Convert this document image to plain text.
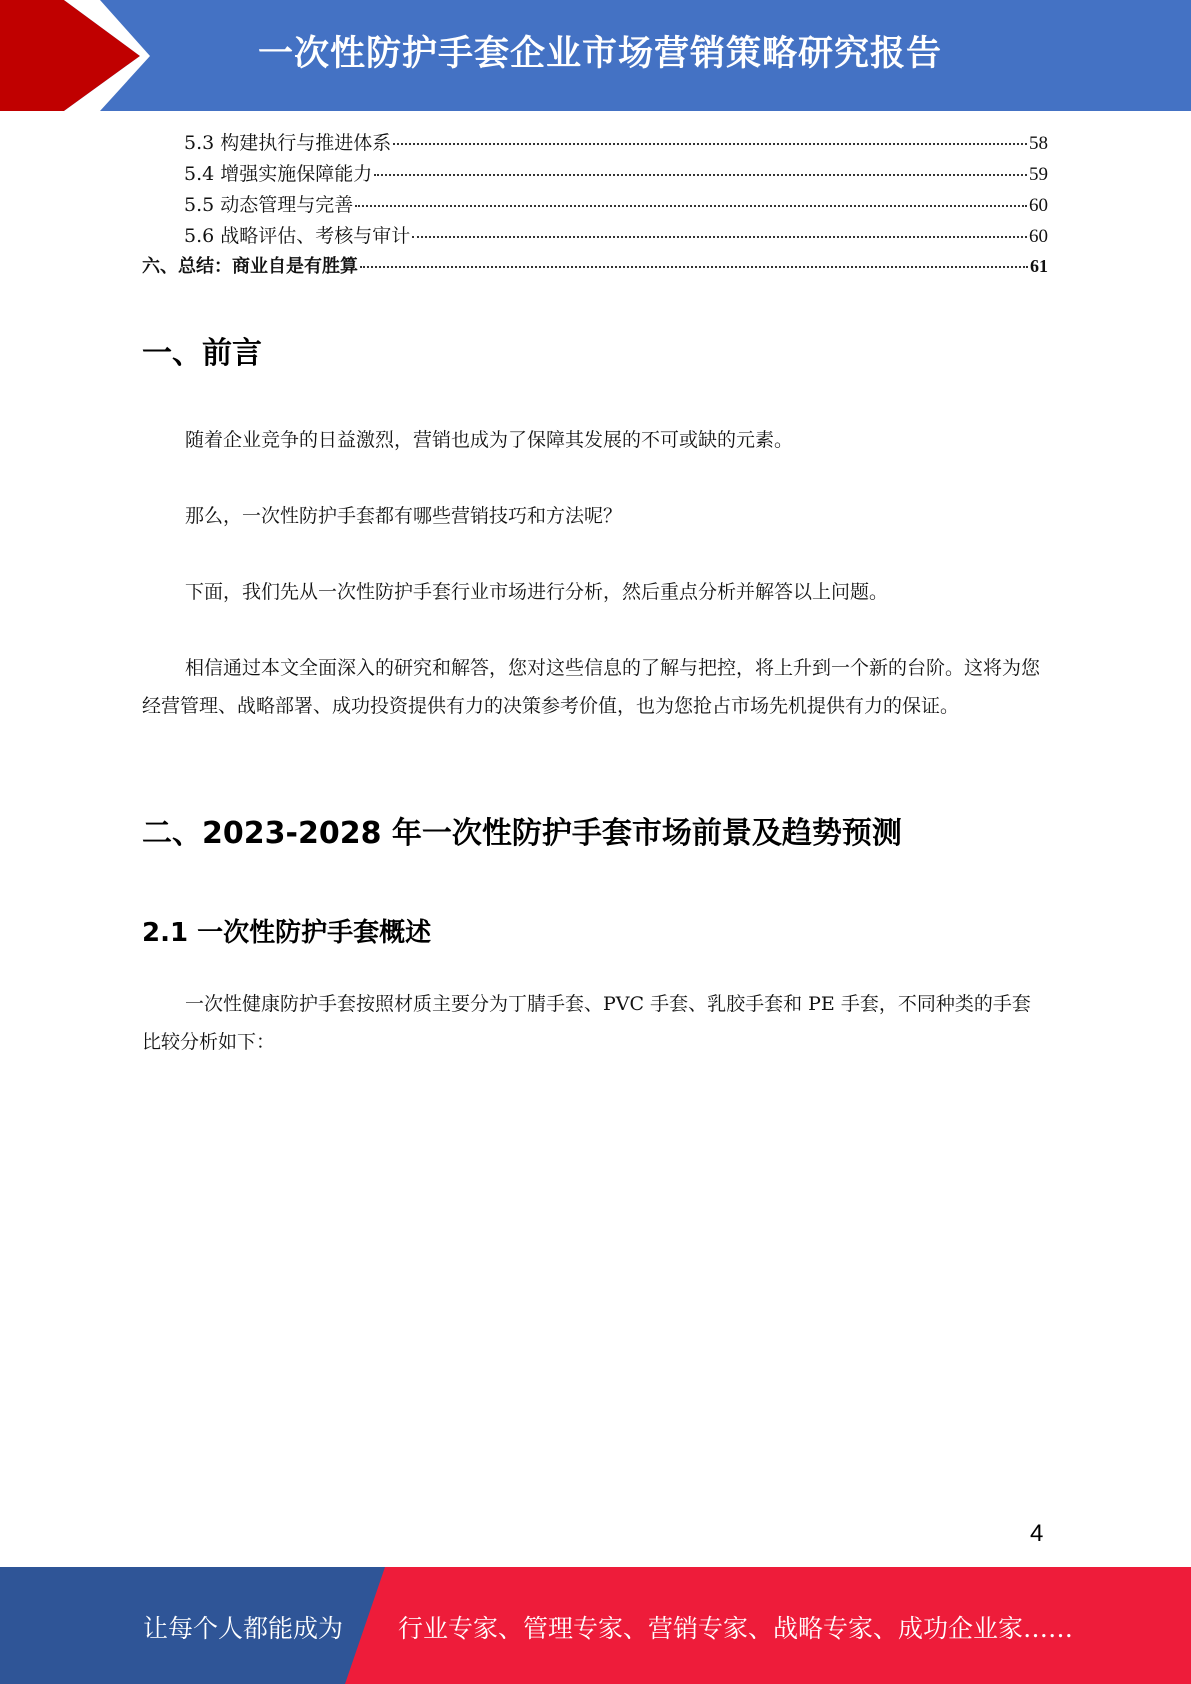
一次性防护手套企业市场营销策略研究报告
5.3 构建执行与推进体系	58
5.4 增强实施保障能力	59
5.5 动态管理与完善	60
5.6 战略评估、考核与审计	60
六、总结：商业自是有胜算	61
一、前言
随着企业竞争的日益激烈，营销也成为了保障其发展的不可或缺的元素。
那么，一次性防护手套都有哪些营销技巧和方法呢？
下面，我们先从一次性防护手套行业市场进行分析，然后重点分析并解答以上问题。
相信通过本文全面深入的研究和解答，您对这些信息的了解与把控，将上升到一个新的台阶。这将为您经营管理、战略部署、成功投资提供有力的决策参考价值，也为您抢占市场先机提供有力的保证。
二、2023-2028 年一次性防护手套市场前景及趋势预测
2.1 一次性防护手套概述
一次性健康防护手套按照材质主要分为丁腈手套、PVC 手套、乳胶手套和 PE 手套，不同种类的手套比较分析如下：
4
让每个人都能成为 行业专家、管理专家、营销专家、战略专家、成功企业家……
